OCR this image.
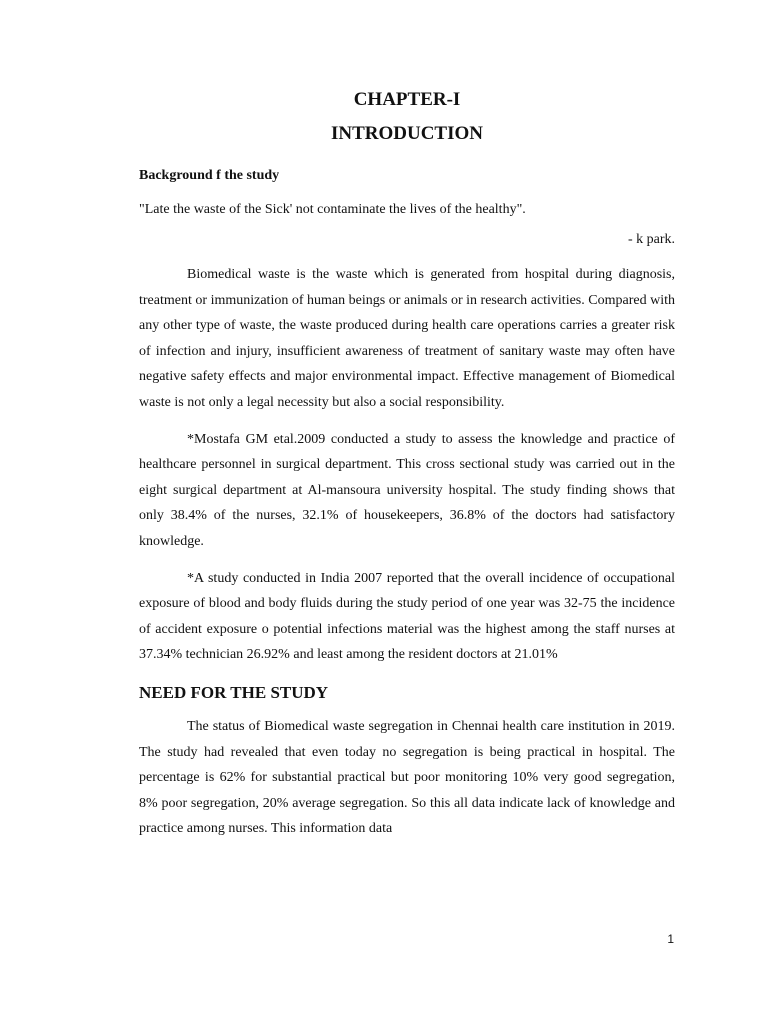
CHAPTER-I
INTRODUCTION
Background f the study
"Late the waste of the Sick' not contaminate the lives of the healthy".
- k park.

Biomedical waste is the waste which is generated from hospital during diagnosis, treatment or immunization of human beings or animals or in research activities. Compared with any other type of waste, the waste produced during health care operations carries a greater risk of infection and injury, insufficient awareness of treatment of sanitary waste may often have negative safety effects and major environmental impact. Effective management of Biomedical waste is not only a legal necessity but also a social responsibility.

*Mostafa GM etal.2009 conducted a study to assess the knowledge and practice of healthcare personnel in surgical department. This cross sectional study was carried out in the eight surgical department at Al-mansoura university hospital. The study finding shows that only 38.4% of the nurses, 32.1% of housekeepers, 36.8% of the doctors had satisfactory knowledge.

*A study conducted in India 2007 reported that the overall incidence of occupational exposure of blood and body fluids during the study period of one year was 32-75 the incidence of accident exposure o potential infections material was the highest among the staff nurses at 37.34% technician 26.92% and least among the resident doctors at 21.01%

NEED FOR THE STUDY

The status of Biomedical waste segregation in Chennai health care institution in 2019. The study had revealed that even today no segregation is being practical in hospital. The percentage is 62% for substantial practical but poor monitoring 10% very good segregation, 8% poor segregation, 20% average segregation. So this all data indicate lack of knowledge and practice among nurses. This information data

1
